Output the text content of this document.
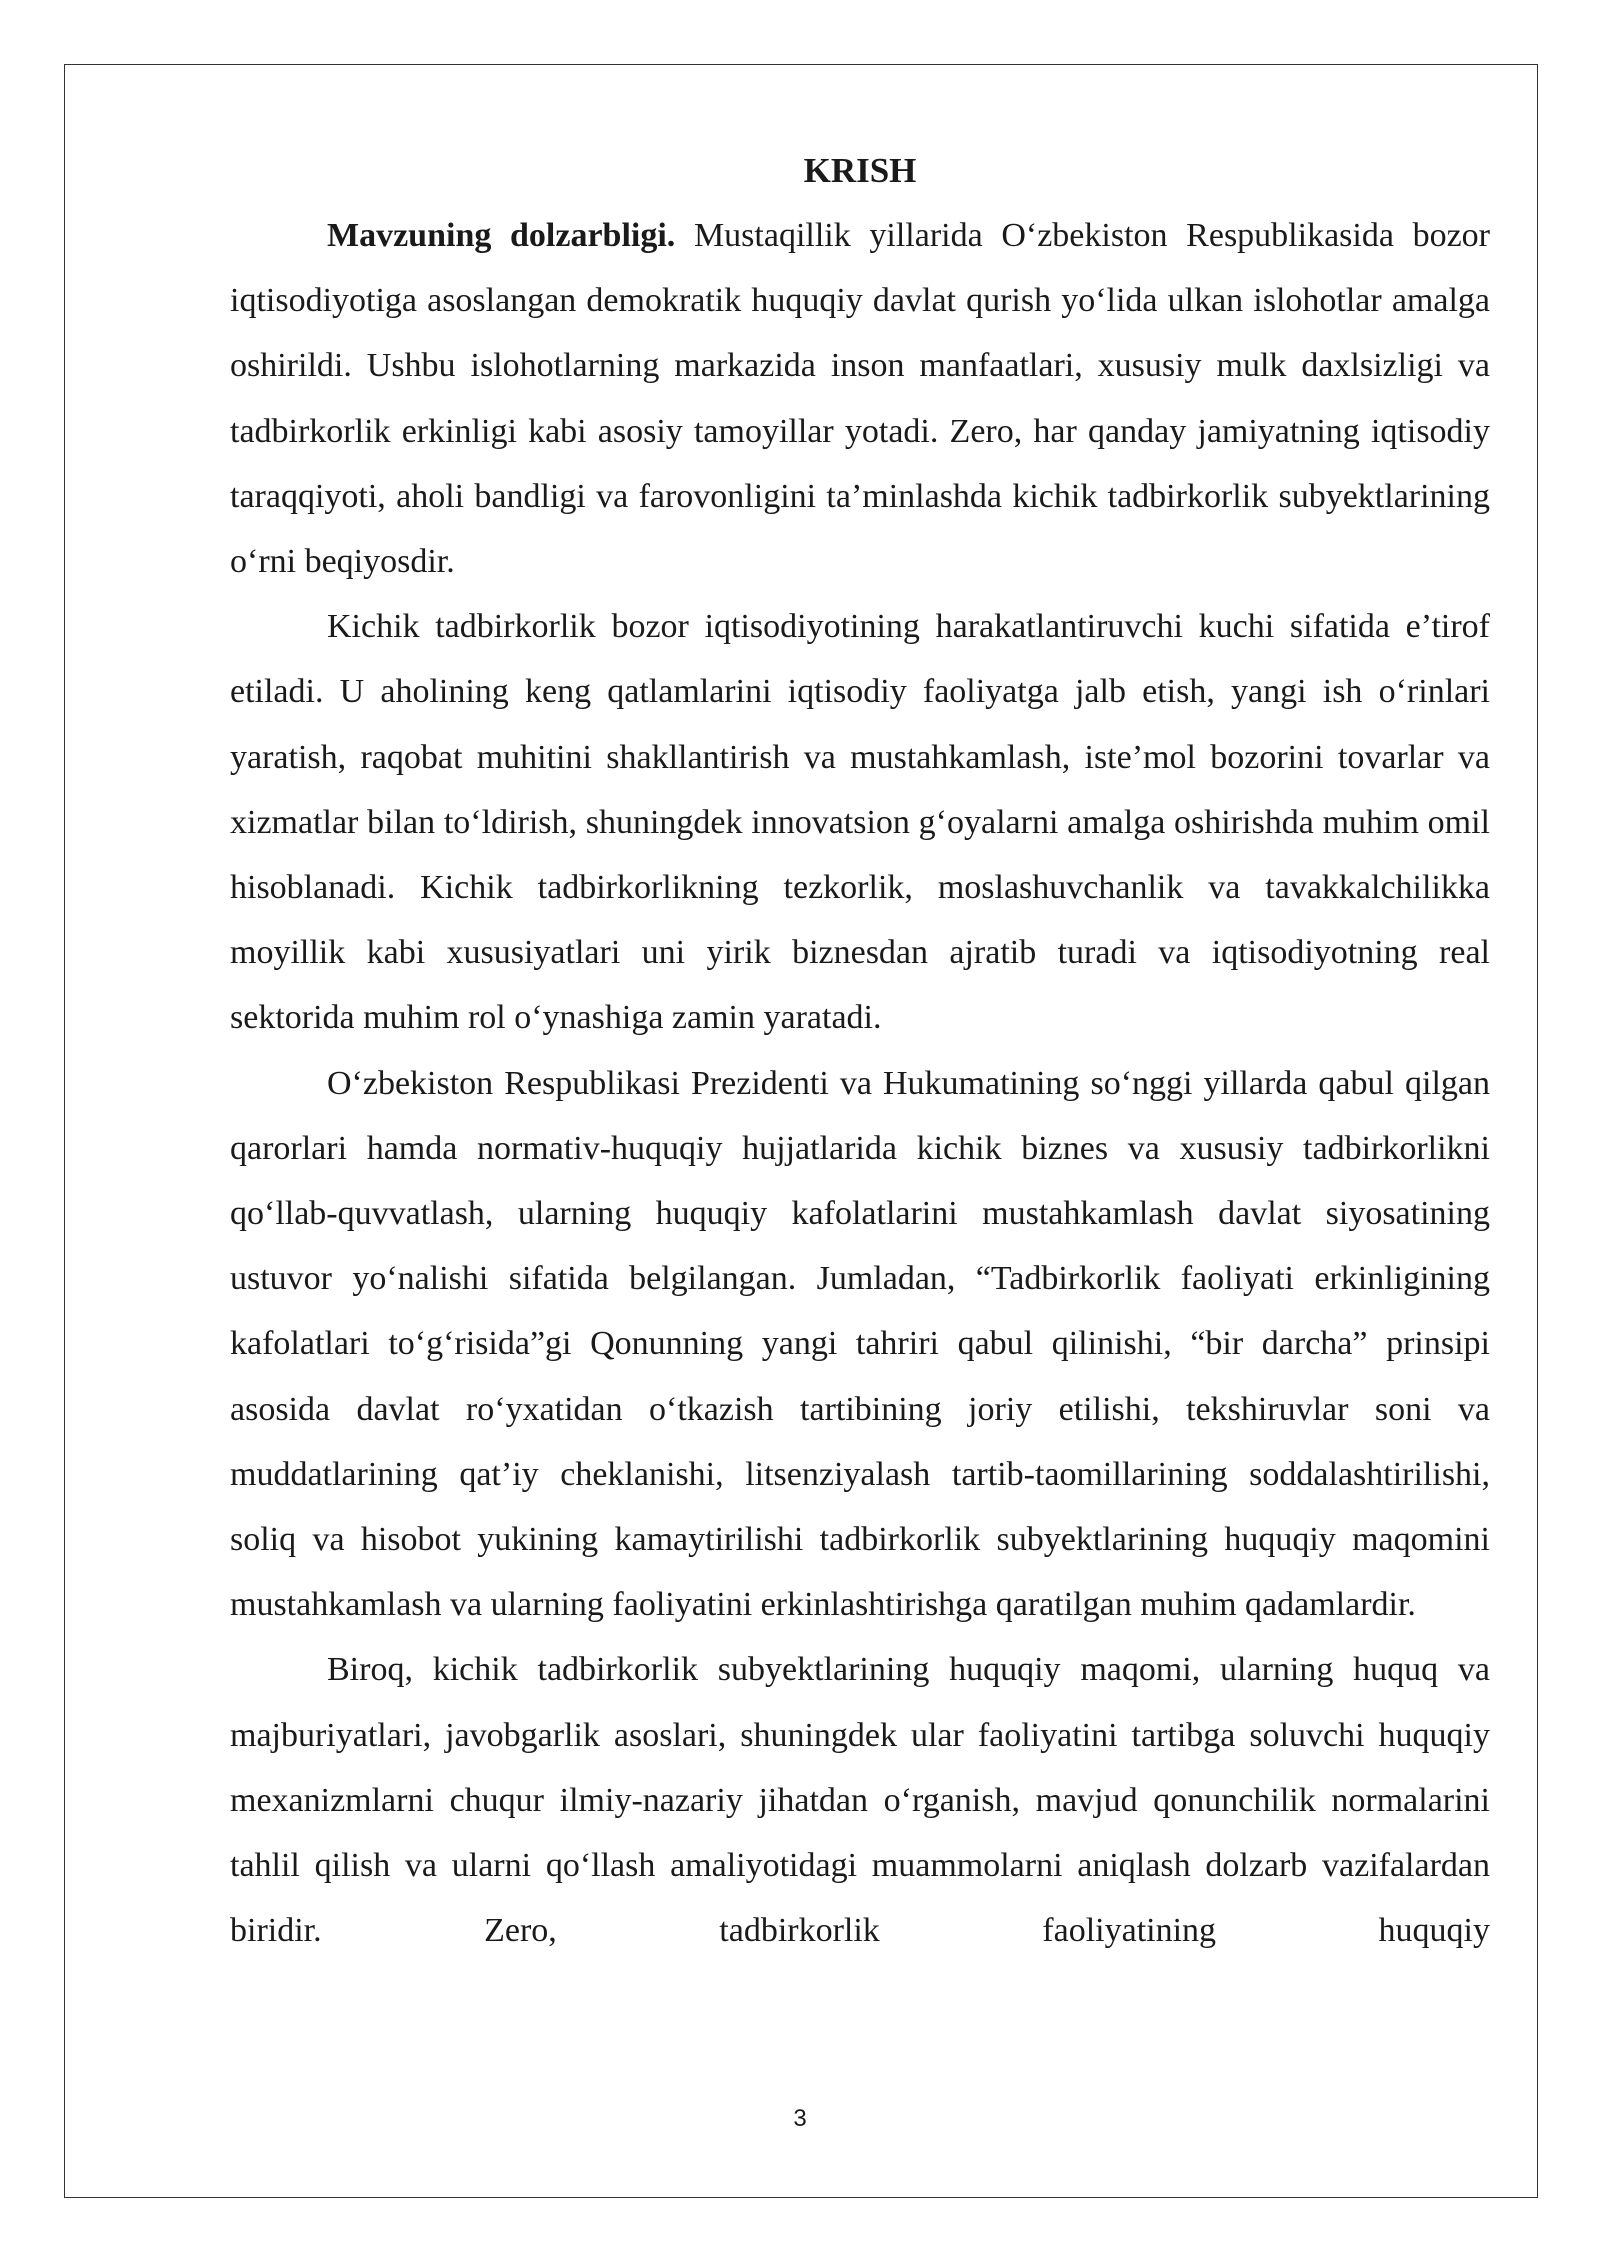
KRISH

Mavzuning dolzarbligi. Mustaqillik yillarida O‘zbekiston Respublikasida bozor iqtisodiyotiga asoslangan demokratik huquqiy davlat qurish yo‘lida ulkan islohotlar amalga oshirildi. Ushbu islohotlarning markazida inson manfaatlari, xususiy mulk daxlsizligi va tadbirkorlik erkinligi kabi asosiy tamoyillar yotadi. Zero, har qanday jamiyatning iqtisodiy taraqqiyoti, aholi bandligi va farovonligini ta’minlashda kichik tadbirkorlik subyektlarining o‘rni beqiyosdir.

Kichik tadbirkorlik bozor iqtisodiyotining harakatlantiruvchi kuchi sifatida e’tirof etiladi. U aholining keng qatlamlarini iqtisodiy faoliyatga jalb etish, yangi ish o‘rinlari yaratish, raqobat muhitini shakllantirish va mustahkamlash, iste’mol bozorini tovarlar va xizmatlar bilan to‘ldirish, shuningdek innovatsion g‘oyalarni amalga oshirishda muhim omil hisoblanadi. Kichik tadbirkorlikning tezkorlik, moslashuvchanlik va tavakkalchilikka moyillik kabi xususiyatlari uni yirik biznesdan ajratib turadi va iqtisodiyotning real sektorida muhim rol o‘ynashiga zamin yaratadi.

O‘zbekiston Respublikasi Prezidenti va Hukumatining so‘nggi yillarda qabul qilgan qarorlari hamda normativ-huquqiy hujjatlarida kichik biznes va xususiy tadbirkorlikni qo‘llab-quvvatlash, ularning huquqiy kafolatlarini mustahkamlash davlat siyosatining ustuvor yo‘nalishi sifatida belgilangan. Jumladan, “Tadbirkorlik faoliyati erkinligining kafolatlari to‘g‘risida”gi Qonunning yangi tahriri qabul qilinishi, “bir darcha” prinsipi asosida davlat ro‘yxatidan o‘tkazish tartibining joriy etilishi, tekshiruvlar soni va muddatlarining qat’iy cheklanishi, litsenziyalash tartib-taomillarining soddalashtirilishi, soliq va hisobot yukining kamaytirilishi tadbirkorlik subyektlarining huquqiy maqomini mustahkamlash va ularning faoliyatini erkinlashtirishga qaratilgan muhim qadamlardir.

Biroq, kichik tadbirkorlik subyektlarining huquqiy maqomi, ularning huquq va majburiyatlari, javobgarlik asoslari, shuningdek ular faoliyatini tartibga soluvchi huquqiy mexanizmlarni chuqur ilmiy-nazariy jihatdan o‘rganish, mavjud qonunchilik normalarini tahlil qilish va ularni qo‘llash amaliyotidagi muammolarni aniqlash dolzarb vazifalardan biridir. Zero, tadbirkorlik faoliyatining huquqiy

3
